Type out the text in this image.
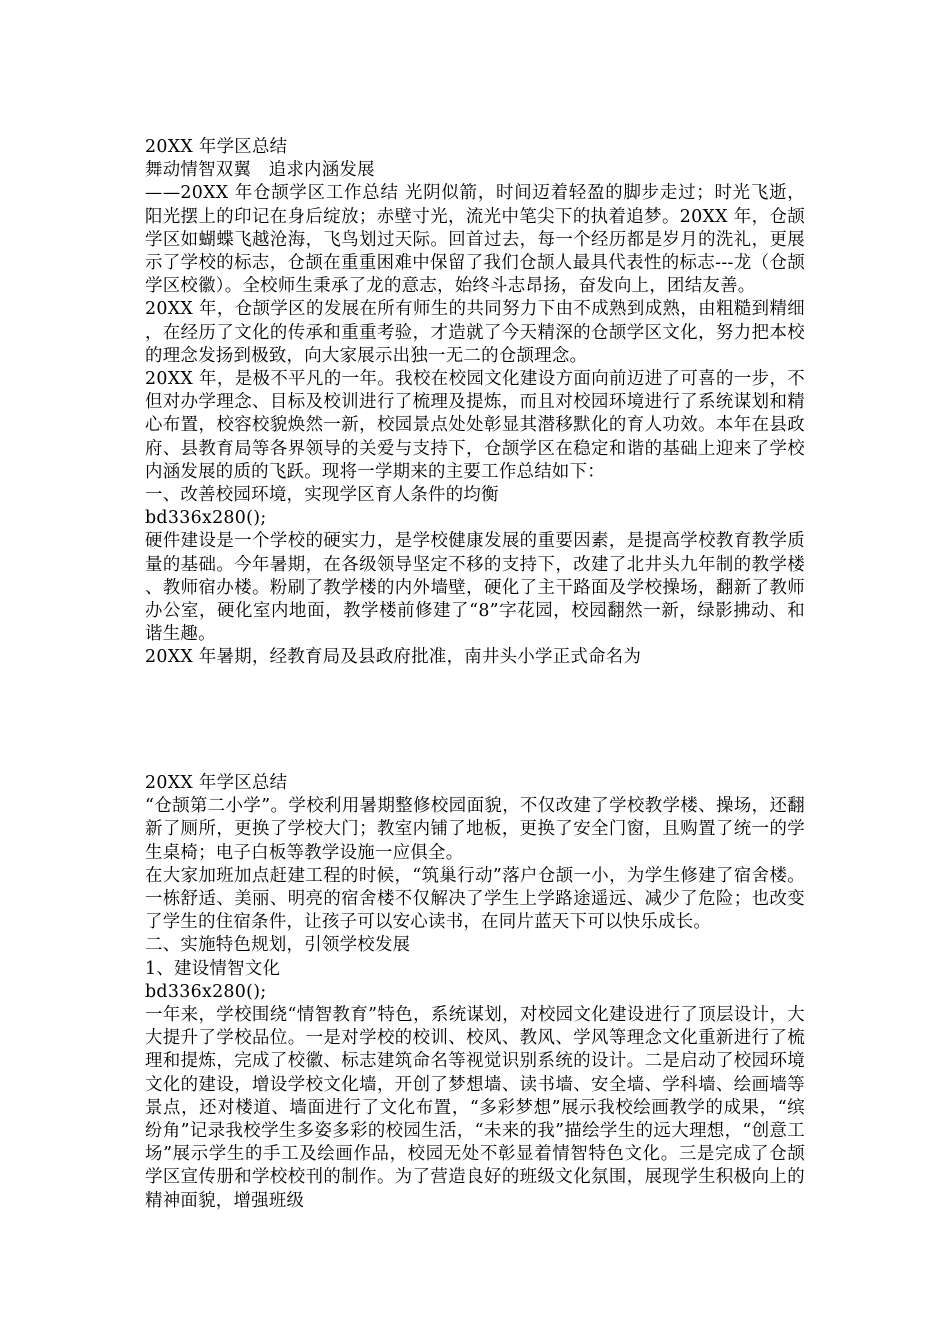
20XX 年学区总结

舞动情智双翼 追求内涵发展

——20XX 年仓颉学区工作总结 光阴似箭，时间迈着轻盈的脚步走过；时光飞逝，阳光摆上的印记在身后绽放；赤壁寸光，流光中笔尖下的执着追梦。20XX 年，仓颉学区如蝴蝶飞越沧海，飞鸟划过天际。回首过去，每一个经历都是岁月的洗礼，更展示了学校的标志，仓颉在重重困难中保留了我们仓颉人最具代表性的标志---龙（仓颉学区校徽）。全校师生秉承了龙的意志，始终斗志昂扬，奋发向上，团结友善。

20XX 年，仓颉学区的发展在所有师生的共同努力下由不成熟到成熟，由粗糙到精细，在经历了文化的传承和重重考验，才造就了今天精深的仓颉学区文化，努力把本校的理念发扬到极致，向大家展示出独一无二的仓颉理念。

20XX 年，是极不平凡的一年。我校在校园文化建设方面向前迈进了可喜的一步，不但对办学理念、目标及校训进行了梳理及提炼，而且对校园环境进行了系统谋划和精心布置，校容校貌焕然一新，校园景点处处彰显其潜移默化的育人功效。本年在县政府、县教育局等各界领导的关爱与支持下，仓颉学区在稳定和谐的基础上迎来了学校内涵发展的质的飞跃。现将一学期来的主要工作总结如下：

一、改善校园环境，实现学区育人条件的均衡

bd336x280();

硬件建设是一个学校的硬实力，是学校健康发展的重要因素，是提高学校教育教学质量的基础。今年暑期，在各级领导坚定不移的支持下，改建了北井头九年制的教学楼、教师宿办楼。粉刷了教学楼的内外墙壁，硬化了主干路面及学校操场，翻新了教师办公室，硬化室内地面，教学楼前修建了“8”字花园，校园翻然一新，绿影拂动、和谐生趣。

20XX 年暑期，经教育局及县政府批准，南井头小学正式命名为

20XX 年学区总结

“仓颉第二小学”。学校利用暑期整修校园面貌，不仅改建了学校教学楼、操场，还翻新了厕所，更换了学校大门；教室内铺了地板，更换了安全门窗，且购置了统一的学生桌椅；电子白板等教学设施一应俱全。

在大家加班加点赶建工程的时候，“筑巢行动”落户仓颉一小，为学生修建了宿舍楼。一栋舒适、美丽、明亮的宿舍楼不仅解决了学生上学路途遥远、减少了危险；也改变了学生的住宿条件，让孩子可以安心读书，在同片蓝天下可以快乐成长。

二、实施特色规划，引领学校发展

1、建设情智文化

bd336x280();

一年来，学校围绕“情智教育”特色，系统谋划，对校园文化建设进行了顶层设计，大大提升了学校品位。一是对学校的校训、校风、教风、学风等理念文化重新进行了梳理和提炼，完成了校徽、标志建筑命名等视觉识别系统的设计。二是启动了校园环境文化的建设，增设学校文化墙，开创了梦想墙、读书墙、安全墙、学科墙、绘画墙等景点，还对楼道、墙面进行了文化布置，“多彩梦想”展示我校绘画教学的成果，“缤纷角”记录我校学生多姿多彩的校园生活，“未来的我”描绘学生的远大理想，“创意工场”展示学生的手工及绘画作品，校园无处不彰显着情智特色文化。三是完成了仓颉学区宣传册和学校校刊的制作。为了营造良好的班级文化氛围，展现学生积极向上的精神面貌，增强班级
